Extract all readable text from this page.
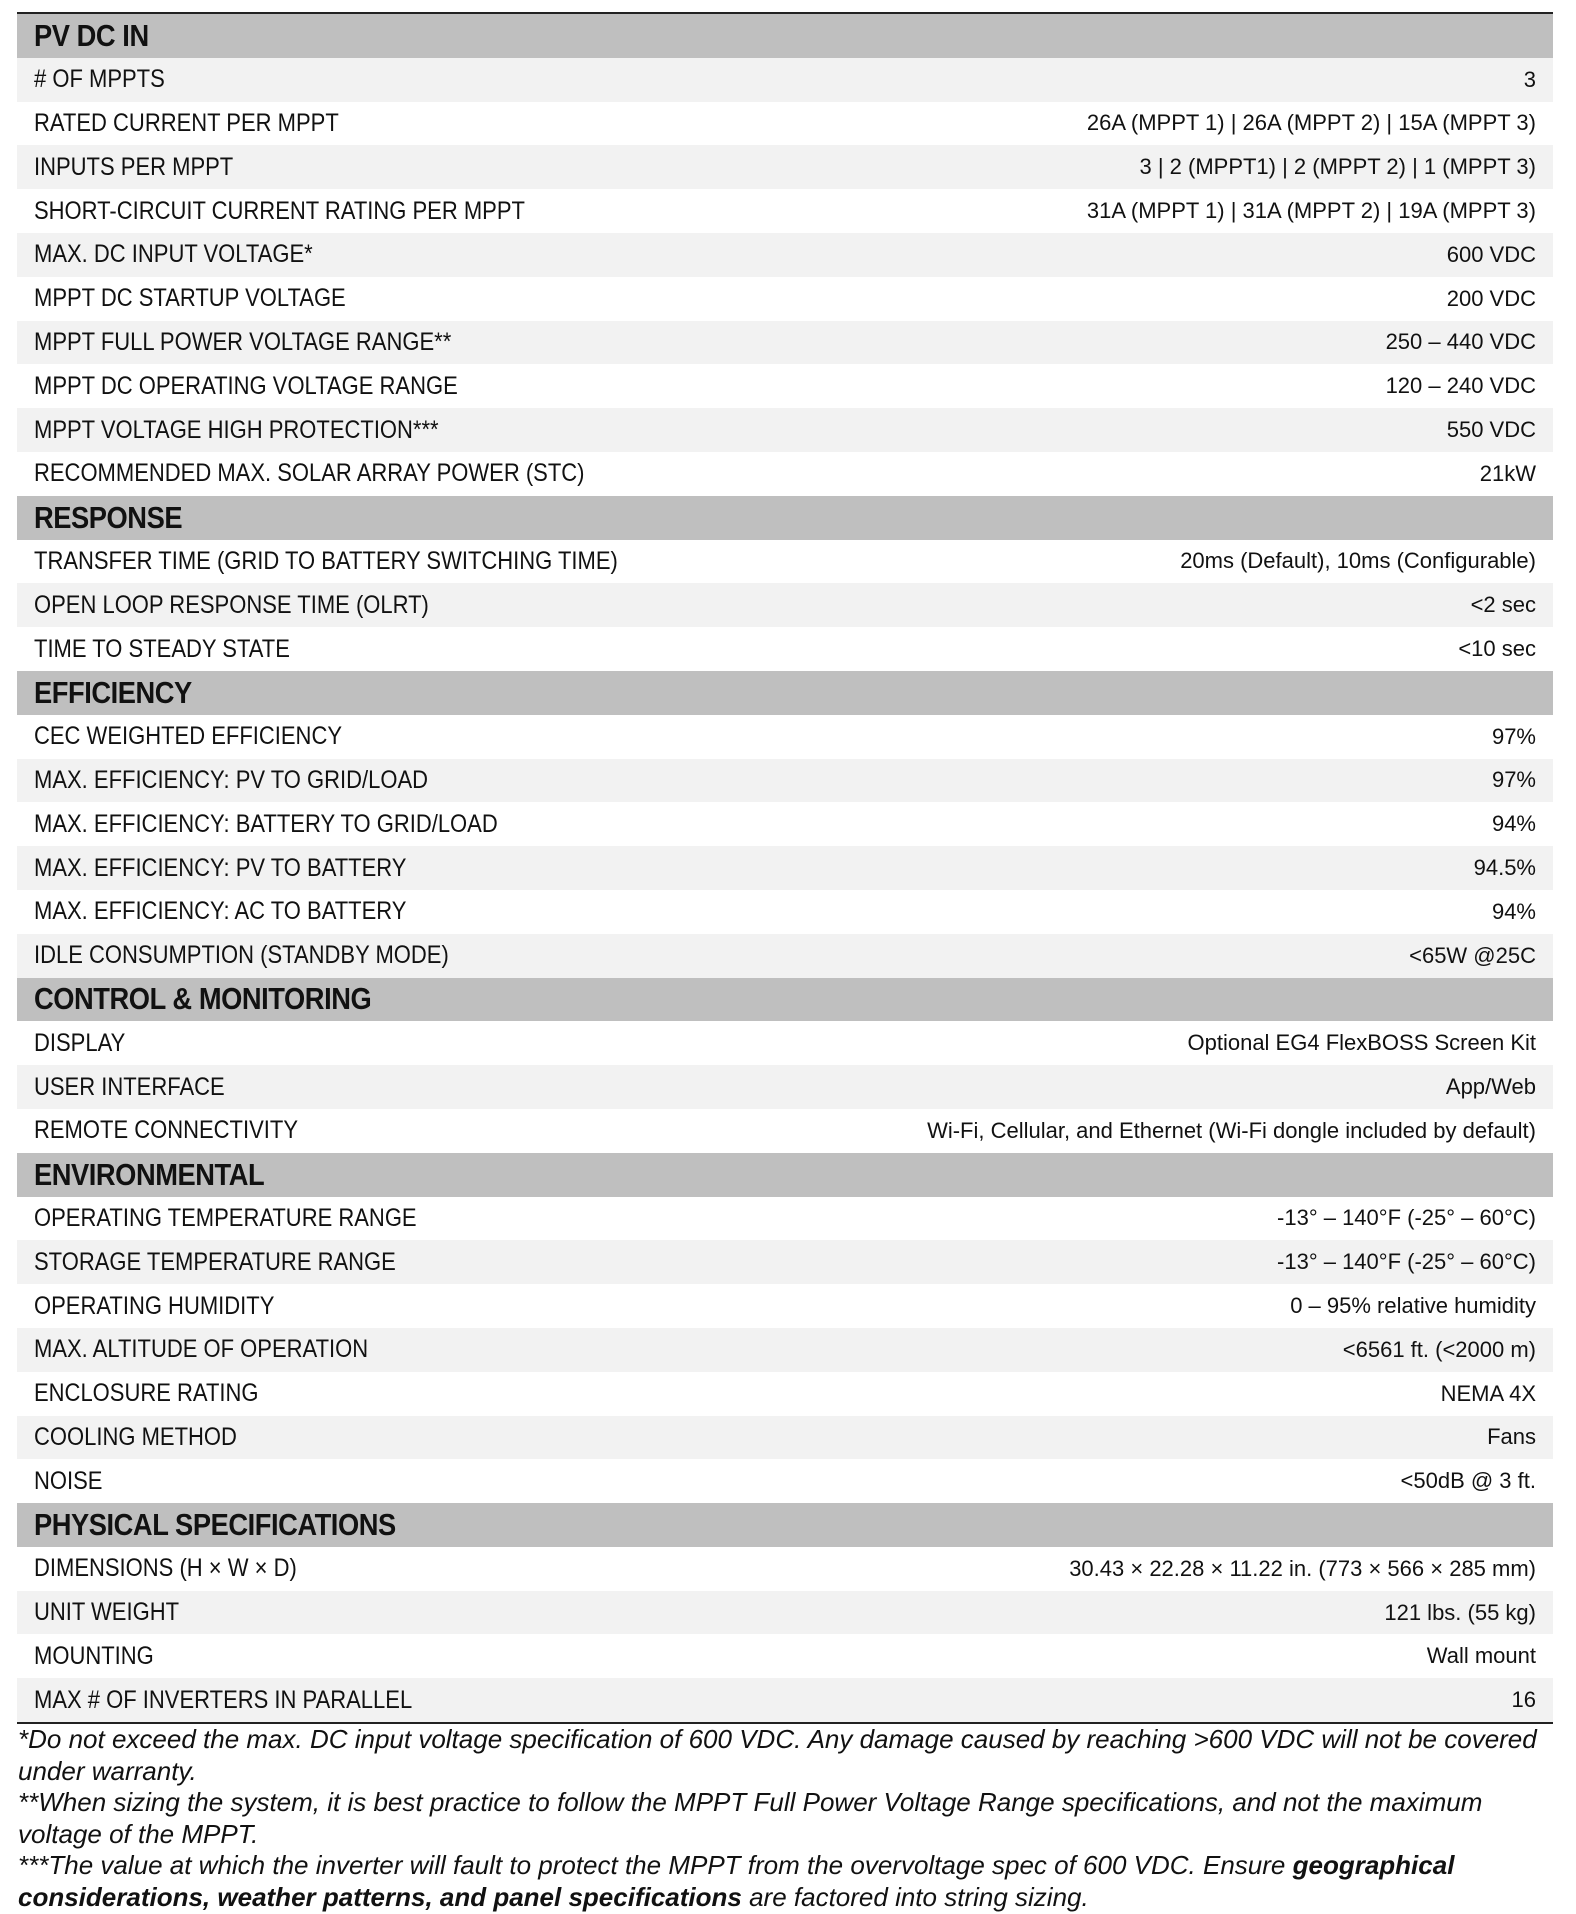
PV DC IN
# OF MPPTS	3
RATED CURRENT PER MPPT	26A (MPPT 1) | 26A (MPPT 2) | 15A (MPPT 3)
INPUTS PER MPPT	3 | 2 (MPPT1) | 2 (MPPT 2) | 1 (MPPT 3)
SHORT-CIRCUIT CURRENT RATING PER MPPT	31A (MPPT 1) | 31A (MPPT 2) | 19A (MPPT 3)
MAX. DC INPUT VOLTAGE*	600 VDC
MPPT DC STARTUP VOLTAGE	200 VDC
MPPT FULL POWER VOLTAGE RANGE**	250 – 440 VDC
MPPT DC OPERATING VOLTAGE RANGE	120 – 240 VDC
MPPT VOLTAGE HIGH PROTECTION***	550 VDC
RECOMMENDED MAX. SOLAR ARRAY POWER (STC)	21kW
RESPONSE
TRANSFER TIME (GRID TO BATTERY SWITCHING TIME)	20ms (Default), 10ms (Configurable)
OPEN LOOP RESPONSE TIME (OLRT)	<2 sec
TIME TO STEADY STATE	<10 sec
EFFICIENCY
CEC WEIGHTED EFFICIENCY	97%
MAX. EFFICIENCY: PV TO GRID/LOAD	97%
MAX. EFFICIENCY: BATTERY TO GRID/LOAD	94%
MAX. EFFICIENCY: PV TO BATTERY	94.5%
MAX. EFFICIENCY: AC TO BATTERY	94%
IDLE CONSUMPTION (STANDBY MODE)	<65W @25C
CONTROL & MONITORING
DISPLAY	Optional EG4 FlexBOSS Screen Kit
USER INTERFACE	App/Web
REMOTE CONNECTIVITY	Wi-Fi, Cellular, and Ethernet (Wi-Fi dongle included by default)
ENVIRONMENTAL
OPERATING TEMPERATURE RANGE	-13° – 140°F (-25° – 60°C)
STORAGE TEMPERATURE RANGE	-13° – 140°F (-25° – 60°C)
OPERATING HUMIDITY	0 – 95% relative humidity
MAX. ALTITUDE OF OPERATION	<6561 ft. (<2000 m)
ENCLOSURE RATING	NEMA 4X
COOLING METHOD	Fans
NOISE	<50dB @ 3 ft.
PHYSICAL SPECIFICATIONS
DIMENSIONS (H × W × D)	30.43 × 22.28 × 11.22 in. (773 × 566 × 285 mm)
UNIT WEIGHT	121 lbs. (55 kg)
MOUNTING	Wall mount
MAX # OF INVERTERS IN PARALLEL	16

*Do not exceed the max. DC input voltage specification of 600 VDC. Any damage caused by reaching >600 VDC will not be covered under warranty.

**When sizing the system, it is best practice to follow the MPPT Full Power Voltage Range specifications, and not the maximum voltage of the MPPT.

***The value at which the inverter will fault to protect the MPPT from the overvoltage spec of 600 VDC. Ensure geographical considerations, weather patterns, and panel specifications are factored into string sizing.
